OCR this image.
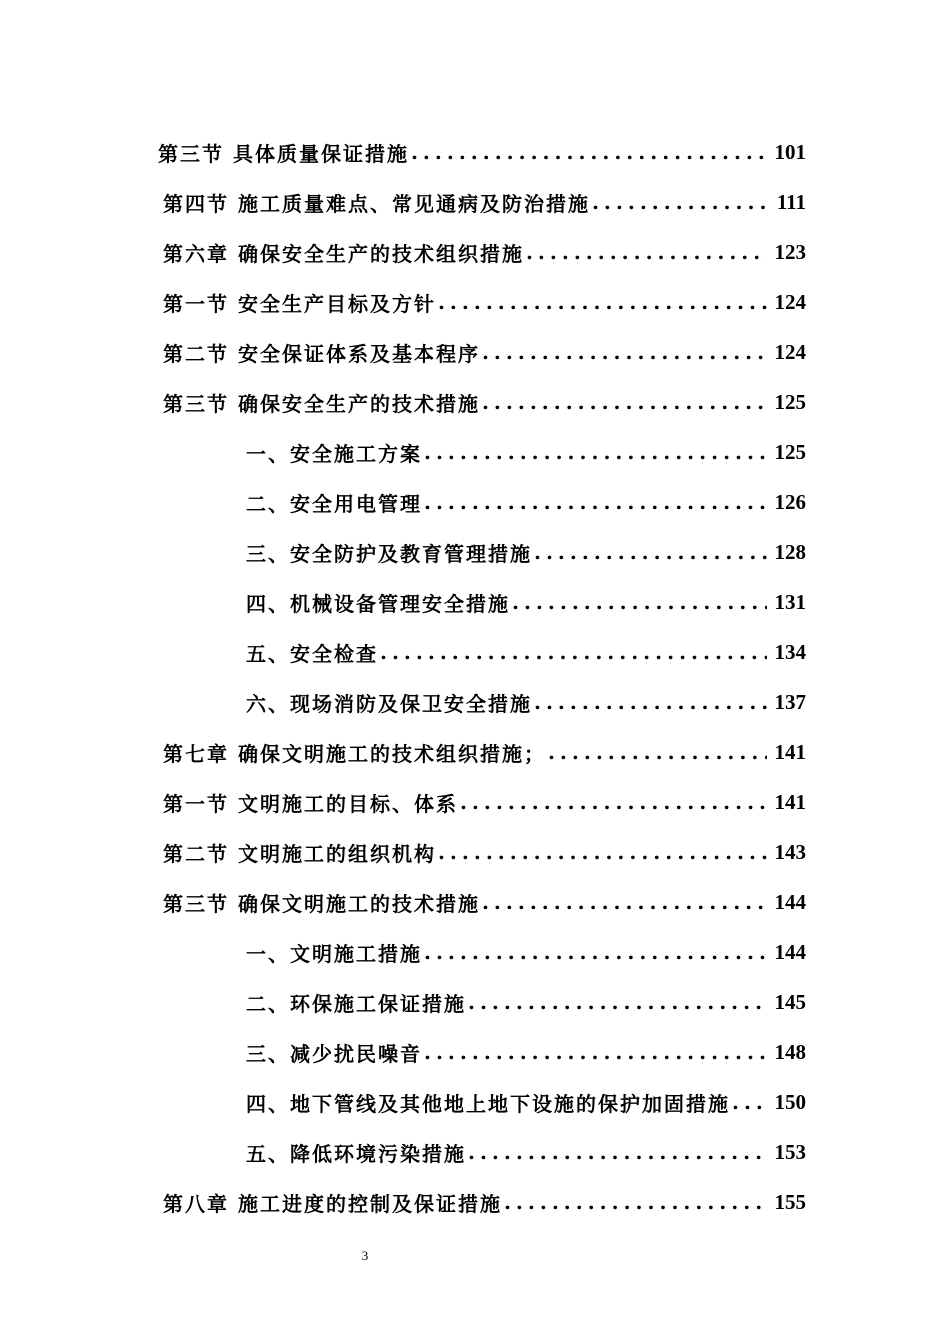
第三节 具体质量保证措施 .....	101
第四节 施工质量难点、常见通病及防治措施 .....	111
第六章 确保安全生产的技术组织措施 .....	123
第一节 安全生产目标及方针 .....	124
第二节 安全保证体系及基本程序 .....	124
第三节 确保安全生产的技术措施 .....	125
一、安全施工方案 .....	125
二、安全用电管理 .....	126
三、安全防护及教育管理措施 .....	128
四、机械设备管理安全措施 .....	131
五、安全检查 .....	134
六、现场消防及保卫安全措施 .....	137
第七章 确保文明施工的技术组织措施； .....	141
第一节 文明施工的目标、体系 .....	141
第二节 文明施工的组织机构 .....	143
第三节 确保文明施工的技术措施 .....	144
一、文明施工措施 .....	144
二、环保施工保证措施 .....	145
三、减少扰民噪音 .....	148
四、地下管线及其他地上地下设施的保护加固措施 ..... 150
五、降低环境污染措施 .....	153
第八章 施工进度的控制及保证措施 .....	155
3
